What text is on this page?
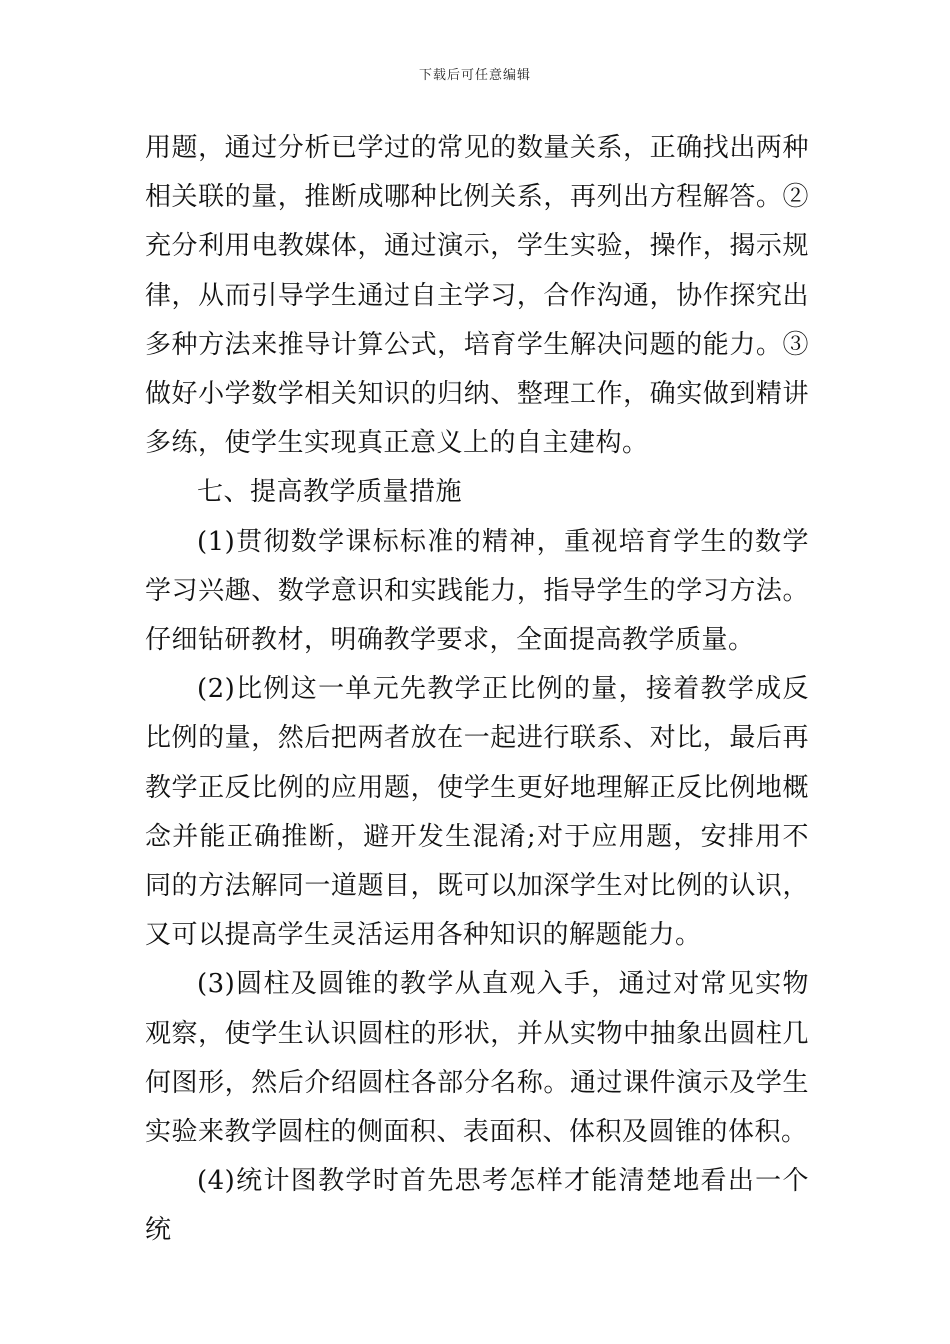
下载后可任意编辑

用题，通过分析已学过的常见的数量关系，正确找出两种相关联的量，推断成哪种比例关系，再列出方程解答。②充分利用电教媒体，通过演示，学生实验，操作，揭示规律，从而引导学生通过自主学习，合作沟通，协作探究出多种方法来推导计算公式，培育学生解决问题的能力。③做好小学数学相关知识的归纳、整理工作，确实做到精讲多练，使学生实现真正意义上的自主建构。

七、提高教学质量措施

(1)贯彻数学课标标准的精神，重视培育学生的数学学习兴趣、数学意识和实践能力，指导学生的学习方法。仔细钻研教材，明确教学要求，全面提高教学质量。

(2)比例这一单元先教学正比例的量，接着教学成反比例的量，然后把两者放在一起进行联系、对比，最后再教学正反比例的应用题，使学生更好地理解正反比例地概念并能正确推断，避开发生混淆;对于应用题，安排用不同的方法解同一道题目，既可以加深学生对比例的认识，又可以提高学生灵活运用各种知识的解题能力。

(3)圆柱及圆锥的教学从直观入手，通过对常见实物观察，使学生认识圆柱的形状，并从实物中抽象出圆柱几何图形，然后介绍圆柱各部分名称。通过课件演示及学生实验来教学圆柱的侧面积、表面积、体积及圆锥的体积。

(4)统计图教学时首先思考怎样才能清楚地看出一个统
